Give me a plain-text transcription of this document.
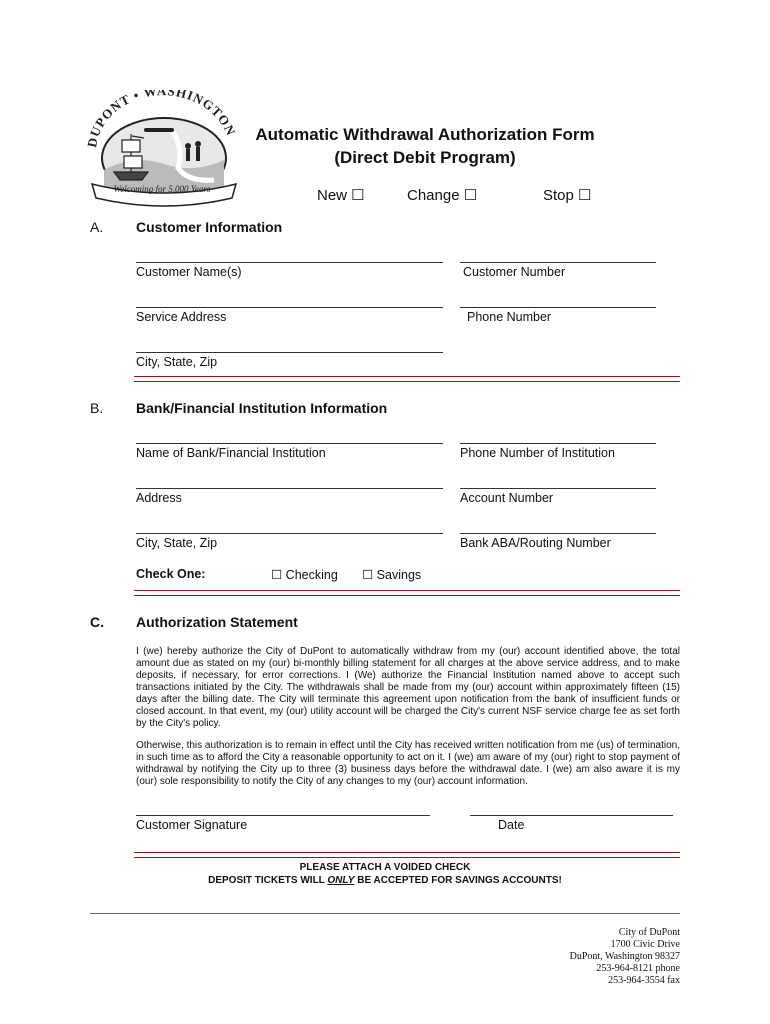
DUPONT • WASHINGTON
Welcoming for 5,000 Years
Automatic Withdrawal Authorization Form
(Direct Debit Program)
New ☐	Change ☐	Stop ☐
A. Customer Information
Customer Name(s)	Customer Number
Service Address	Phone Number
City, State, Zip
B. Bank/Financial Institution Information
Name of Bank/Financial Institution	Phone Number of Institution
Address	Account Number
City, State, Zip	Bank ABA/Routing Number
Check One:	☐ Checking ☐ Savings
C. Authorization Statement
I (we) hereby authorize the City of DuPont to automatically withdraw from my (our) account identified above, the total amount due as stated on my (our) bi-monthly billing statement for all charges at the above service address, and to make deposits, if necessary, for error corrections. I (We) authorize the Financial Institution named above to accept such transactions initiated by the City. The withdrawals shall be made from my (our) account within approximately fifteen (15) days after the billing date. The City will terminate this agreement upon notification from the bank of insufficient funds or closed account. In that event, my (our) utility account will be charged the City's current NSF service charge fee as set forth by the City's policy.
Otherwise, this authorization is to remain in effect until the City has received written notification from me (us) of termination, in such time as to afford the City a reasonable opportunity to act on it. I (we) am aware of my (our) right to stop payment of withdrawal by notifying the City up to three (3) business days before the withdrawal date. I (we) am also aware it is my (our) sole responsibility to notify the City of any changes to my (our) account information.
Customer Signature	Date
PLEASE ATTACH A VOIDED CHECK
DEPOSIT TICKETS WILL ONLY BE ACCEPTED FOR SAVINGS ACCOUNTS!
City of DuPont
1700 Civic Drive
DuPont, Washington 98327
253-964-8121 phone
253-964-3554 fax
